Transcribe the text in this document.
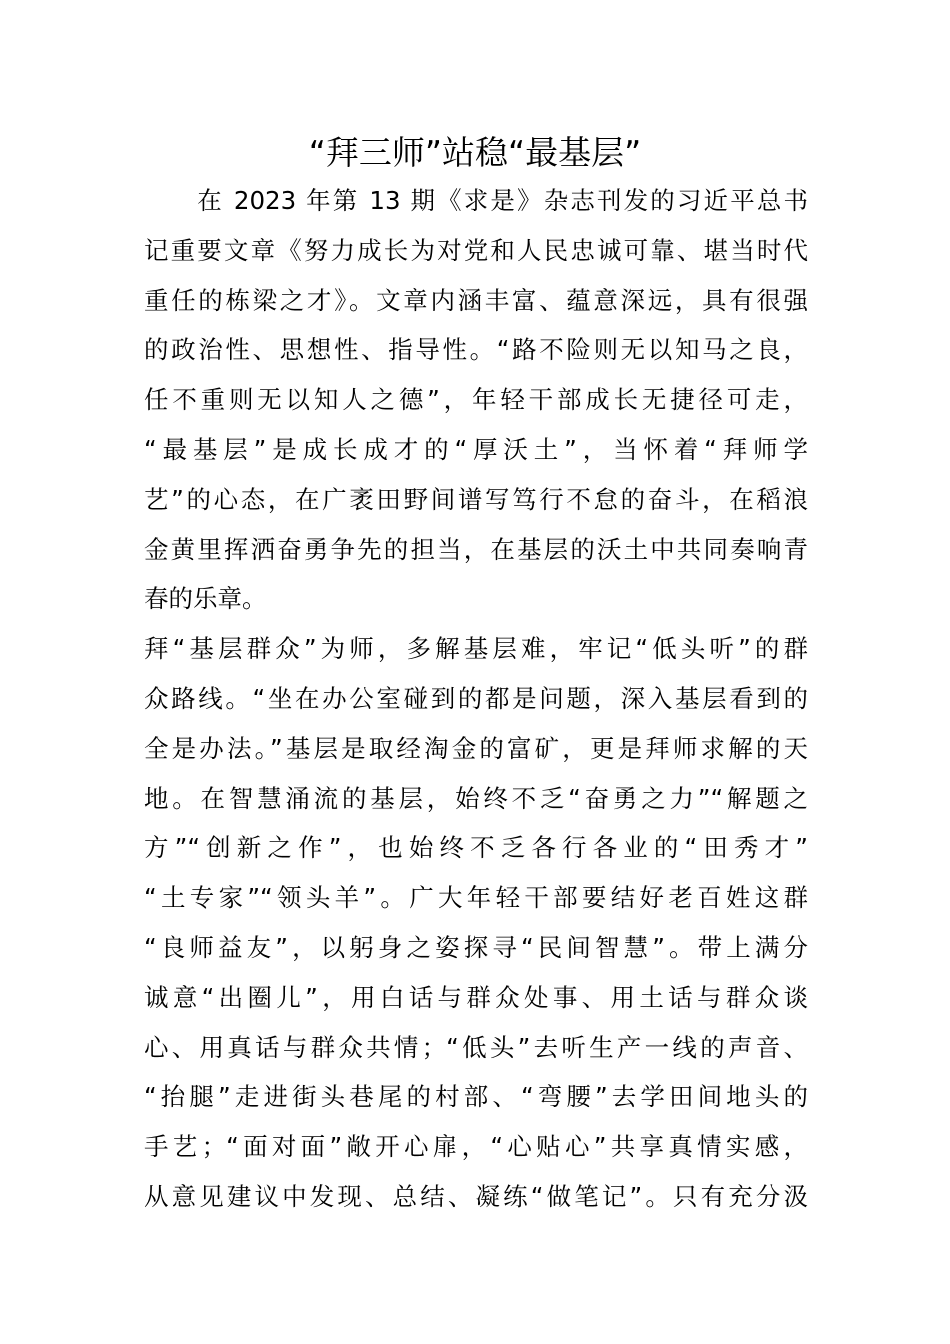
“拜三师”站稳“最基层”
　　在 2023 年第 13 期《求是》杂志刊发的习近平总书
记重要文章《努力成长为对党和人民忠诚可靠、堪当时代
重任的栋梁之才》。文章内涵丰富、蕴意深远，具有很强
的政治性、思想性、指导性。“路不险则无以知马之良，
任不重则无以知人之德”，年轻干部成长无捷径可走，
“最基层”是成长成才的“厚沃土”，当怀着“拜师学
艺”的心态，在广袤田野间谱写笃行不怠的奋斗，在稻浪
金黄里挥洒奋勇争先的担当，在基层的沃土中共同奏响青
春的乐章。
拜“基层群众”为师，多解基层难，牢记“低头听”的群
众路线。“坐在办公室碰到的都是问题，深入基层看到的
全是办法。”基层是取经淘金的富矿，更是拜师求解的天
地。在智慧涌流的基层，始终不乏“奋勇之力”“解题之
方”“创新之作”，也始终不乏各行各业的“田秀才”
“土专家”“领头羊”。广大年轻干部要结好老百姓这群
“良师益友”，以躬身之姿探寻“民间智慧”。带上满分
诚意“出圈儿”，用白话与群众处事、用土话与群众谈
心、用真话与群众共情；“低头”去听生产一线的声音、
“抬腿”走进街头巷尾的村部、“弯腰”去学田间地头的
手艺；“面对面”敞开心扉，“心贴心”共享真情实感，
从意见建议中发现、总结、凝练“做笔记”。只有充分汲
